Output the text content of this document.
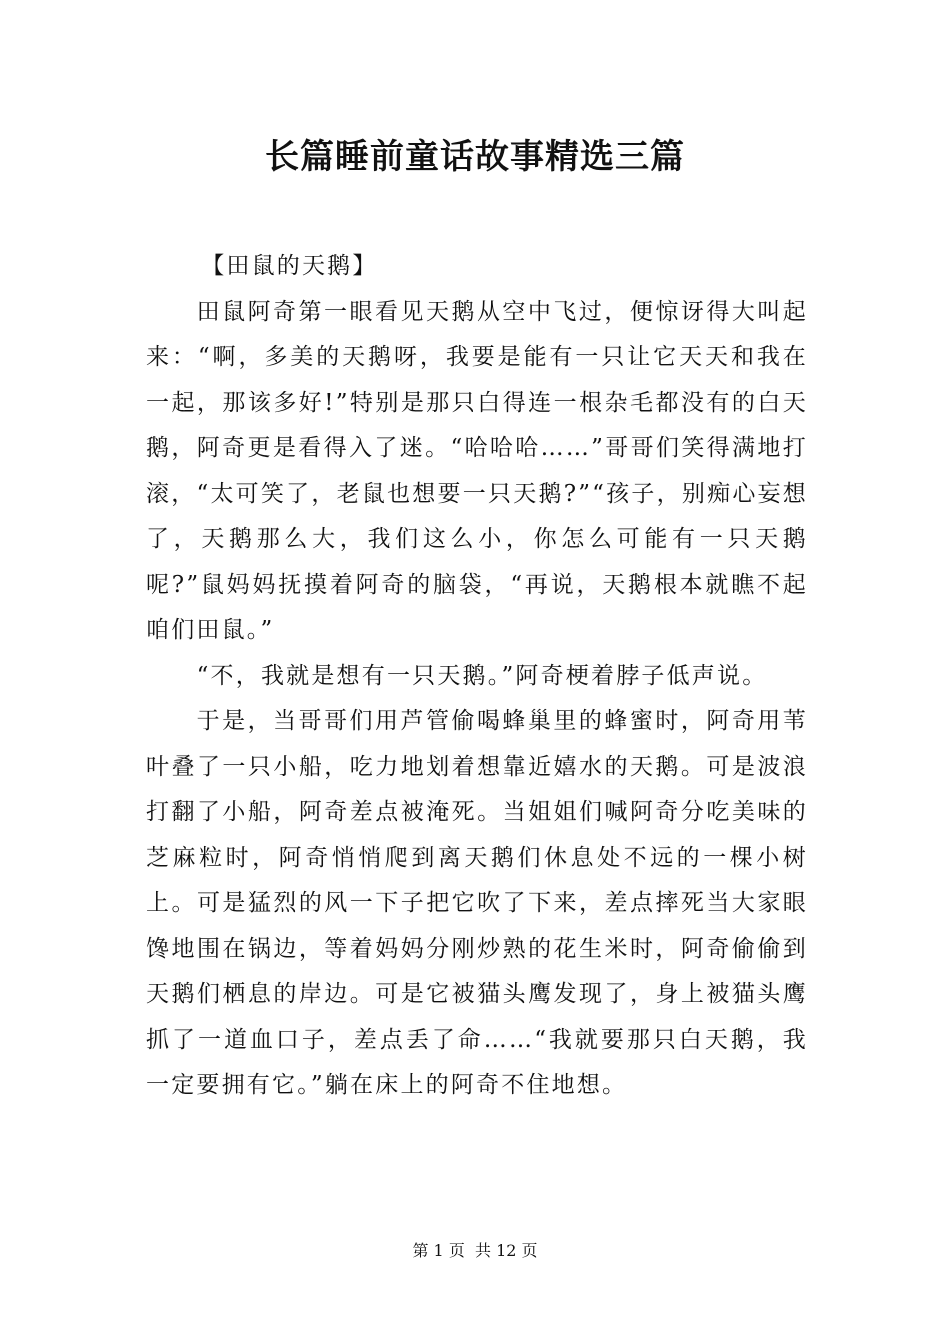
长篇睡前童话故事精选三篇

【田鼠的天鹅】

田鼠阿奇第一眼看见天鹅从空中飞过，便惊讶得大叫起来：“啊，多美的天鹅呀，我要是能有一只让它天天和我在一起，那该多好!”特别是那只白得连一根杂毛都没有的白天鹅，阿奇更是看得入了迷。“哈哈哈……”哥哥们笑得满地打滚，“太可笑了，老鼠也想要一只天鹅?”“孩子，别痴心妄想了，天鹅那么大，我们这么小，你怎么可能有一只天鹅呢?”鼠妈妈抚摸着阿奇的脑袋，“再说，天鹅根本就瞧不起咱们田鼠。”

“不，我就是想有一只天鹅。”阿奇梗着脖子低声说。

于是，当哥哥们用芦管偷喝蜂巢里的蜂蜜时，阿奇用苇叶叠了一只小船，吃力地划着想靠近嬉水的天鹅。可是波浪打翻了小船，阿奇差点被淹死。当姐姐们喊阿奇分吃美味的芝麻粒时，阿奇悄悄爬到离天鹅们休息处不远的一棵小树上。可是猛烈的风一下子把它吹了下来，差点摔死当大家眼馋地围在锅边，等着妈妈分刚炒熟的花生米时，阿奇偷偷到天鹅们栖息的岸边。可是它被猫头鹰发现了，身上被猫头鹰抓了一道血口子，差点丢了命……“我就要那只白天鹅，我一定要拥有它。”躺在床上的阿奇不住地想。

第 1 页  共 12 页
